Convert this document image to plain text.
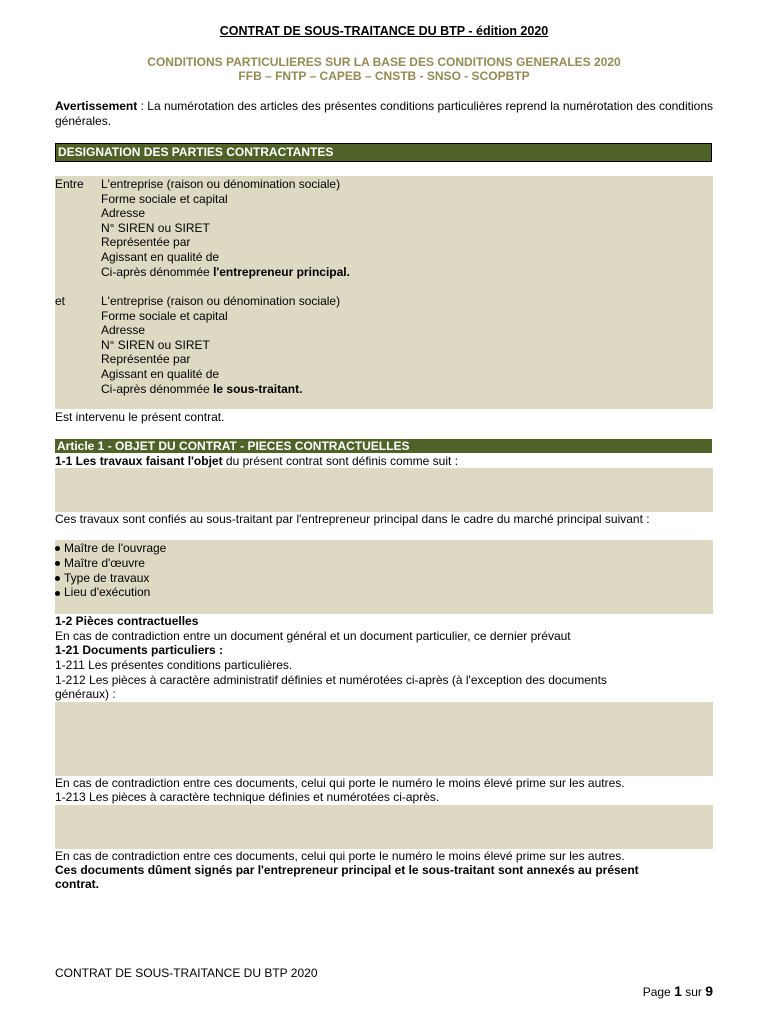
CONTRAT DE SOUS-TRAITANCE DU BTP - édition 2020
CONDITIONS PARTICULIERES SUR LA BASE DES CONDITIONS GENERALES 2020
FFB – FNTP – CAPEB – CNSTB - SNSO - SCOPBTP
Avertissement : La numérotation des articles des présentes conditions particulières reprend la numérotation des conditions générales.
DESIGNATION DES PARTIES CONTRACTANTES
Entre L'entreprise (raison ou dénomination sociale)
Forme sociale et capital
Adresse
N° SIREN ou SIRET
Représentée par
Agissant en qualité de
Ci-après dénommée l'entrepreneur principal.
et	L'entreprise (raison ou dénomination sociale)
Forme sociale et capital
Adresse
N° SIREN ou SIRET
Représentée par
Agissant en qualité de
Ci-après dénommée le sous-traitant.
Est intervenu le présent contrat.
Article 1 - OBJET DU CONTRAT - PIECES CONTRACTUELLES
1-1 Les travaux faisant l'objet du présent contrat sont définis comme suit :
Ces travaux sont confiés au sous-traitant par l'entrepreneur principal dans le cadre du marché principal suivant :
Maître de l'ouvrage
Maître d'œuvre
Type de travaux
Lieu d'exécution
1-2 Pièces contractuelles
En cas de contradiction entre un document général et un document particulier, ce dernier prévaut
1-21 Documents particuliers :
1-211 Les présentes conditions particulières.
1-212 Les pièces à caractère administratif définies et numérotées ci-après (à l'exception des documents
généraux) :
En cas de contradiction entre ces documents, celui qui porte le numéro le moins élevé prime sur les autres.
1-213 Les pièces à caractère technique définies et numérotées ci-après.
En cas de contradiction entre ces documents, celui qui porte le numéro le moins élevé prime sur les autres.
Ces documents dûment signés par l'entrepreneur principal et le sous-traitant sont annexés au présent
contrat.
CONTRAT DE SOUS-TRAITANCE DU BTP 2020
Page 1 sur 9
